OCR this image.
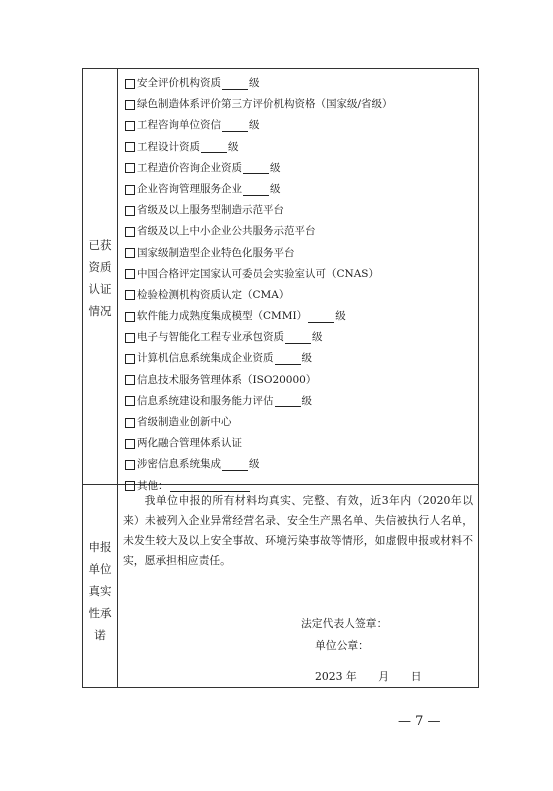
已获
资质
认证
情况
安全评价机构资质	级
绿色制造体系评价第三方评价机构资格（国家级/省级）
工程咨询单位资信	级
工程设计资质	级
工程造价咨询企业资质	级
企业咨询管理服务企业	级
省级及以上服务型制造示范平台
省级及以上中小企业公共服务示范平台
国家级制造型企业特色化服务平台
中国合格评定国家认可委员会实验室认可（CNAS）
检验检测机构资质认定（CMA）
软件能力成熟度集成模型（CMMI）	级
电子与智能化工程专业承包资质	级
计算机信息系统集成企业资质	级
信息技术服务管理体系（ISO20000）
信息系统建设和服务能力评估	级
省级制造业创新中心
两化融合管理体系认证
涉密信息系统集成	级
其他：
申报
单位
真实
性承
诺

我单位申报的所有材料均真实、完整、有效，近3年内（2020年以来）未被列入企业异常经营名录、安全生产黑名单、失信被执行人名单，未发生较大及以上安全事故、环境污染事故等情形，如虚假申报或材料不实，愿承担相应责任。

法定代表人签章：
单位公章：
2023 年　　月　　日
— 7 —
